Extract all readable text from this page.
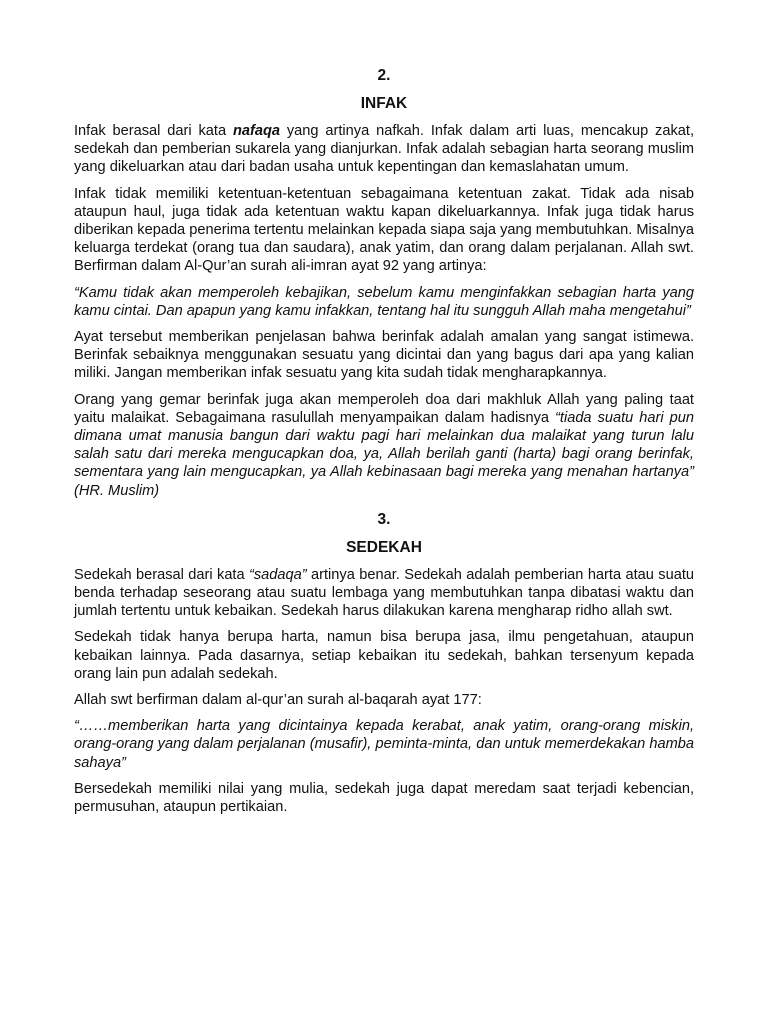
2.
INFAK

Infak berasal dari kata nafaqa yang artinya nafkah. Infak dalam arti luas, mencakup zakat, sedekah dan pemberian sukarela yang dianjurkan. Infak adalah sebagian harta seorang muslim yang dikeluarkan atau dari badan usaha untuk kepentingan dan kemaslahatan umum.

Infak tidak memiliki ketentuan-ketentuan sebagaimana ketentuan zakat. Tidak ada nisab ataupun haul, juga tidak ada ketentuan waktu kapan dikeluarkannya. Infak juga tidak harus diberikan kepada penerima tertentu melainkan kepada siapa saja yang membutuhkan. Misalnya keluarga terdekat (orang tua dan saudara), anak yatim, dan orang dalam perjalanan. Allah swt. Berfirman dalam Al-Qur’an surah ali-imran ayat 92 yang artinya:

“Kamu tidak akan memperoleh kebajikan, sebelum kamu menginfakkan sebagian harta yang kamu cintai. Dan apapun yang kamu infakkan, tentang hal itu sungguh Allah maha mengetahui”

Ayat tersebut memberikan penjelasan bahwa berinfak adalah amalan yang sangat istimewa. Berinfak sebaiknya menggunakan sesuatu yang dicintai dan yang bagus dari apa yang kalian miliki. Jangan memberikan infak sesuatu yang kita sudah tidak mengharapkannya.

Orang yang gemar berinfak juga akan memperoleh doa dari makhluk Allah yang paling taat yaitu malaikat. Sebagaimana rasulullah menyampaikan dalam hadisnya “tiada suatu hari pun dimana umat manusia bangun dari waktu pagi hari melainkan dua malaikat yang turun lalu salah satu dari mereka mengucapkan doa, ya, Allah berilah ganti (harta) bagi orang berinfak, sementara yang lain mengucapkan, ya Allah kebinasaan bagi mereka yang menahan hartanya” (HR. Muslim)

3.
SEDEKAH

Sedekah berasal dari kata “sadaqa” artinya benar. Sedekah adalah pemberian harta atau suatu benda terhadap seseorang atau suatu lembaga yang membutuhkan tanpa dibatasi waktu dan jumlah tertentu untuk kebaikan. Sedekah harus dilakukan karena mengharap ridho allah swt.

Sedekah tidak hanya berupa harta, namun bisa berupa jasa, ilmu pengetahuan, ataupun kebaikan lainnya. Pada dasarnya, setiap kebaikan itu sedekah, bahkan tersenyum kepada orang lain pun adalah sedekah.

Allah swt berfirman dalam al-qur’an surah al-baqarah ayat 177:

“……memberikan harta yang dicintainya kepada kerabat, anak yatim, orang-orang miskin, orang-orang yang dalam perjalanan (musafir), peminta-minta, dan untuk memerdekakan hamba sahaya”

Bersedekah memiliki nilai yang mulia, sedekah juga dapat meredam saat terjadi kebencian, permusuhan, ataupun pertikaian.
